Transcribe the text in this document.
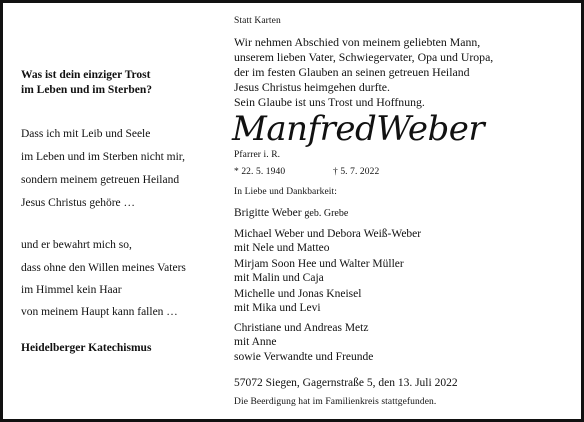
Was ist dein einziger Trost
im Leben und im Sterben?
Dass ich mit Leib und Seele
im Leben und im Sterben nicht mir,
sondern meinem getreuen Heiland
Jesus Christus gehöre …
und er bewahrt mich so,
dass ohne den Willen meines Vaters
im Himmel kein Haar
von meinem Haupt kann fallen …
Heidelberger Katechismus
Statt Karten
Wir nehmen Abschied von meinem geliebten Mann,
unserem lieben Vater, Schwiegervater, Opa und Uropa,
der im festen Glauben an seinen getreuen Heiland
Jesus Christus heimgehen durfte.
Sein Glaube ist uns Trost und Hoffnung.
ManfredWeber
Pfarrer i. R.
* 22. 5. 1940	† 5. 7. 2022
In Liebe und Dankbarkeit:
Brigitte Weber geb. Grebe
Michael Weber und Debora Weiß-Weber
mit Nele und Matteo
Mirjam Soon Hee und Walter Müller
mit Malin und Caja
Michelle und Jonas Kneisel
mit Mika und Levi
Christiane und Andreas Metz
mit Anne
sowie Verwandte und Freunde
57072 Siegen, Gagernstraße 5, den 13. Juli 2022
Die Beerdigung hat im Familienkreis stattgefunden.
